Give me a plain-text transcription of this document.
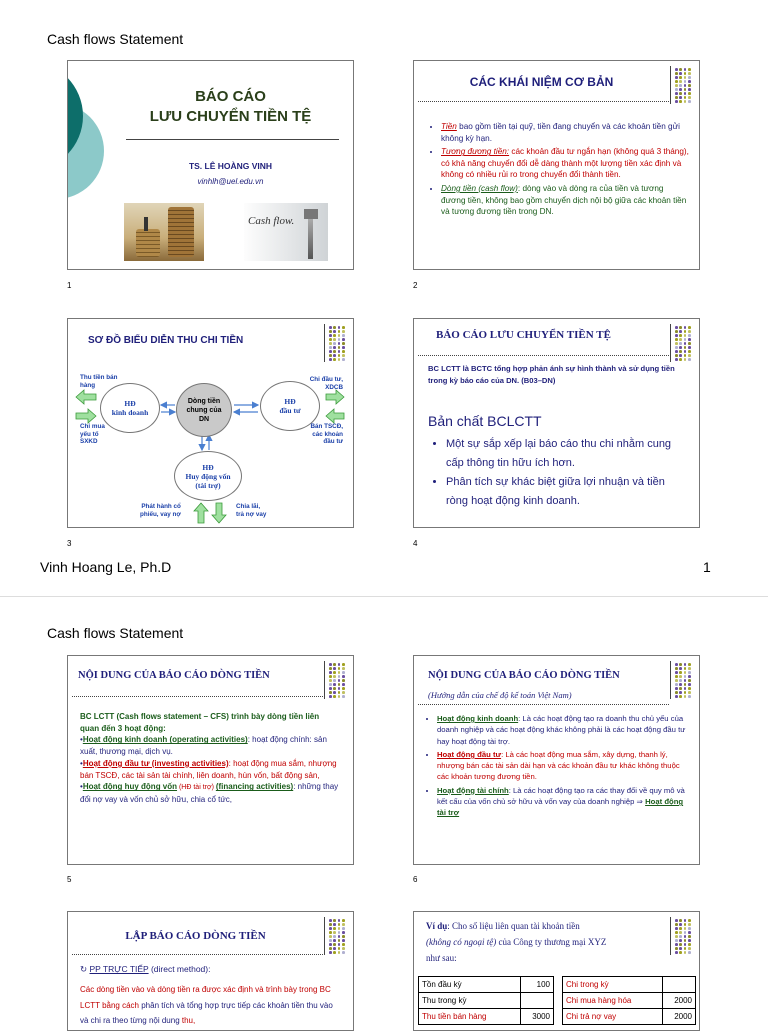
Cash flows Statement
BÁO CÁO
LƯU CHUYỂN TIỀN TỆ
TS. LÊ HOÀNG VINH
vinhlh@uel.edu.vn
Cash flow.
1
CÁC KHÁI NIỆM CƠ BẢN
• Tiền bao gồm tiền tại quỹ, tiền đang chuyển và các khoản tiền gửi không kỳ hạn.
• Tương đương tiền: các khoản đầu tư ngắn hạn (không quá 3 tháng), có khả năng chuyển đổi dễ dàng thành một lượng tiền xác định và không có nhiều rủi ro trong chuyển đổi thành tiền.
• Dòng tiền (cash flow): dòng vào và dòng ra của tiền và tương đương tiền, không bao gồm chuyển dịch nội bộ giữa các khoản tiền và tương đương tiền trong DN.
2
SƠ ĐỒ BIỂU DIỄN THU CHI TIỀN
Dòng tiền
chung của
DN
HĐ
kinh doanh
HĐ
đầu tư
HĐ
Huy động vốn
(tài trợ)
Thu tiền bán
hàng
Chi mua
yếu tố
SXKD
Chi đầu tư,
XDCB
Bán TSCĐ,
các khoản
đầu tư
Phát hành cổ
phiếu, vay nợ
Chia lãi,
trả nợ vay
3
BÁO CÁO LƯU CHUYỂN TIỀN TỆ
BC LCTT là BCTC tổng hợp phản ánh sự hình thành và sử dụng tiền trong kỳ báo cáo của DN. (B03–DN)
Bản chất BCLCTT
• Một sự sắp xếp lại báo cáo thu chi nhằm cung cấp thông tin hữu ích hơn.
• Phân tích sự khác biệt giữa lợi nhuận và tiền ròng hoạt động kinh doanh.
4
Vinh Hoang Le, Ph.D	1
Cash flows Statement
NỘI DUNG CỦA BÁO CÁO DÒNG TIỀN
BC LCTT (Cash flows statement – CFS) trình bày dòng tiền liên quan đến 3 hoạt động:
•Hoạt động kinh doanh (operating activities): hoạt động chính: sản xuất, thương mại, dịch vụ.
•Hoạt động đầu tư (investing activities): hoạt động mua sắm, nhượng bán TSCĐ, các tài sản tài chính, liên doanh, hùn vốn, bất động sản,
•Hoạt động huy động vốn (HĐ tài trợ) (financing activities): những thay đổi nợ vay và vốn chủ sở hữu, chia cổ tức,
5
NỘI DUNG CỦA BÁO CÁO DÒNG TIỀN
(Hướng dẫn của chế độ kế toán Việt Nam)
• Hoạt động kinh doanh: Là các hoạt động tạo ra doanh thu chủ yếu của doanh nghiệp và các hoạt động khác không phải là các hoạt động đầu tư hay hoạt động tài trợ.
• Hoạt động đầu tư: Là các hoạt động mua sắm, xây dựng, thanh lý, nhượng bán các tài sản dài hạn và các khoản đầu tư khác không thuộc các khoản tương đương tiền.
• Hoạt động tài chính: Là các hoạt động tạo ra các thay đổi về quy mô và kết cấu của vốn chủ sở hữu và vốn vay của doanh nghiệp ⇒ Hoạt động tài trợ
6
LẬP BÁO CÁO DÒNG TIỀN
↻ PP TRỰC TIẾP (direct method):
Các dòng tiền vào và dòng tiền ra được xác định và trình bày trong BC LCTT bằng cách phân tích và tổng hợp trực tiếp các khoản tiền thu vào và chi ra theo từng nội dung thu,
Ví dụ: Cho số liệu liên quan tài khoản tiền
(không có ngoại tệ) của Công ty thương mại XYZ
như sau:
Tồn đầu kỳ	100
Thu trong kỳ	
Thu tiền bán hàng	3000
Chi trong kỳ	
Chi mua hàng hóa	2000
Chi trả nợ vay	2000
